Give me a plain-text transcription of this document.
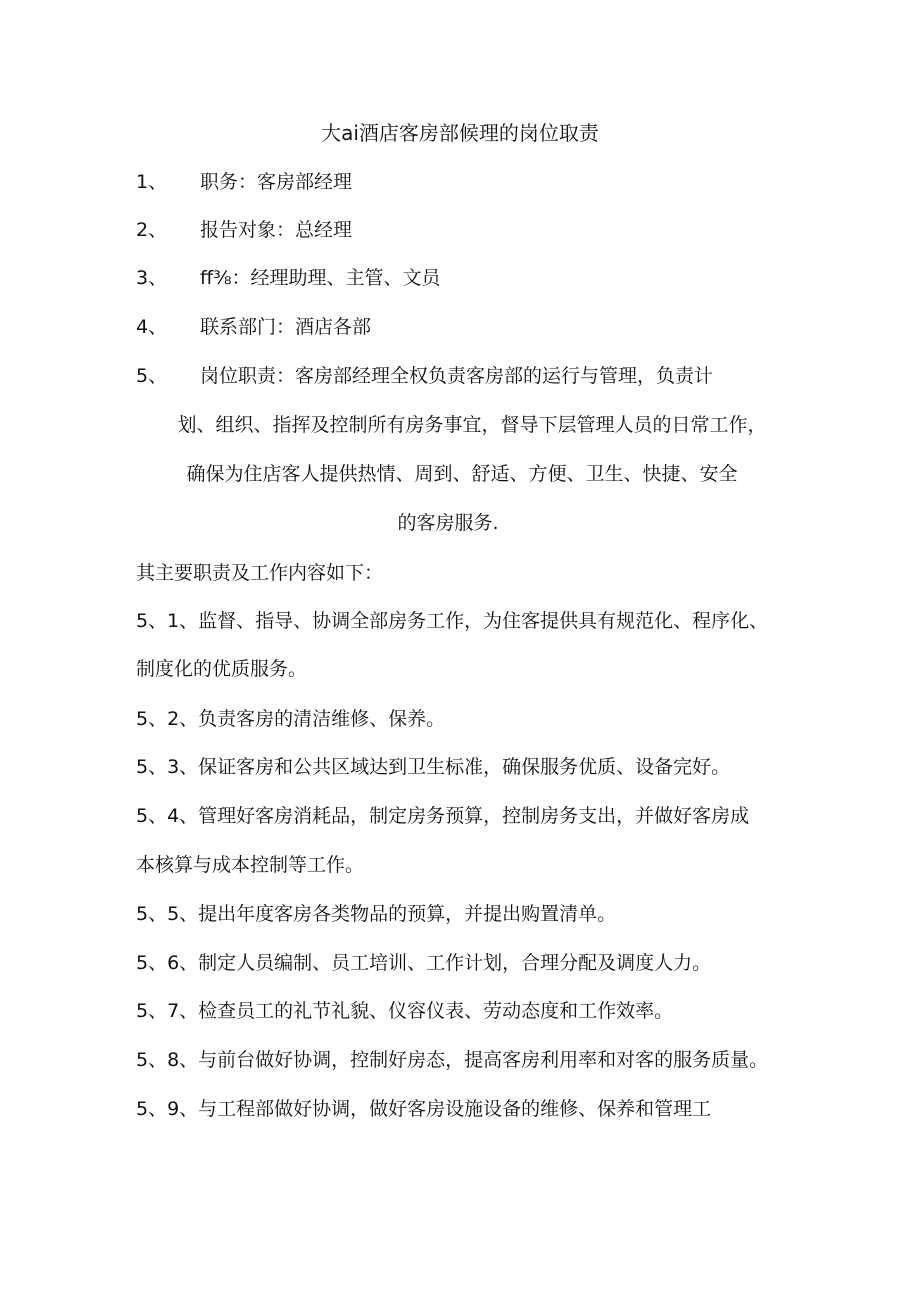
大ai酒店客房部候理的岗位取责
1、 职务：客房部经理
2、 报告对象：总经理
3、 ff⅜：经理助理、主管、文员
4、 联系部门：酒店各部
5、 岗位职责：客房部经理全权负责客房部的运行与管理，负责计
划、组织、指挥及控制所有房务事宜，督导下层管理人员的日常工作，
确保为住店客人提供热情、周到、舒适、方便、卫生、快捷、安全
的客房服务.
其主要职责及工作内容如下：
5、1、监督、指导、协调全部房务工作，为住客提供具有规范化、程序化、
制度化的优质服务。
5、2、负责客房的清洁维修、保养。
5、3、保证客房和公共区域达到卫生标准，确保服务优质、设备完好。
5、4、管理好客房消耗品，制定房务预算，控制房务支出，并做好客房成
本核算与成本控制等工作。
5、5、提出年度客房各类物品的预算，并提出购置清单。
5、6、制定人员编制、员工培训、工作计划，合理分配及调度人力。
5、7、检查员工的礼节礼貌、仪容仪表、劳动态度和工作效率。
5、8、与前台做好协调，控制好房态，提高客房利用率和对客的服务质量。
5、9、与工程部做好协调，做好客房设施设备的维修、保养和管理工
